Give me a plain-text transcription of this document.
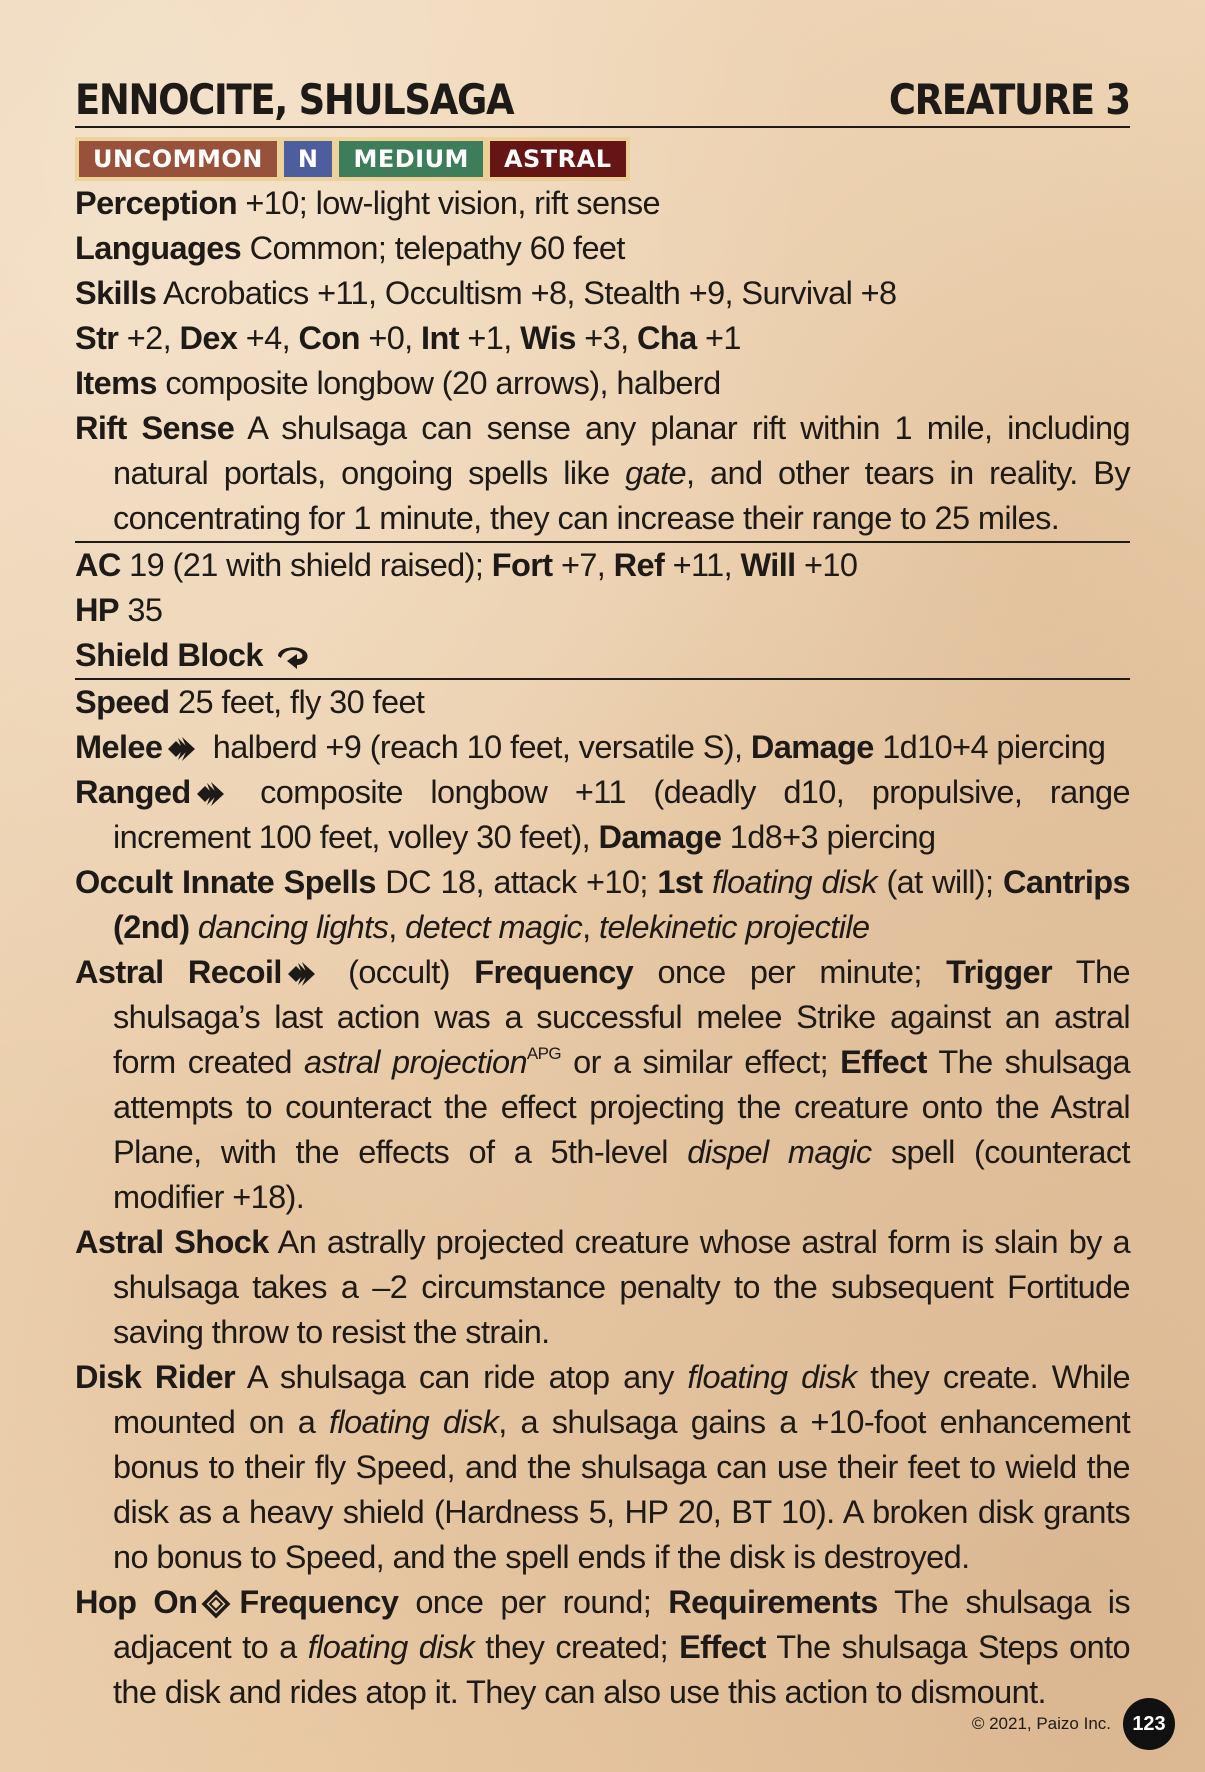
ENNOCITE, SHULSAGA	CREATURE 3
UNCOMMON	N	MEDIUM	ASTRAL
Perception +10; low-light vision, rift sense
Languages Common; telepathy 60 feet
Skills Acrobatics +11, Occultism +8, Stealth +9, Survival +8
Str +2, Dex +4, Con +0, Int +1, Wis +3, Cha +1
Items composite longbow (20 arrows), halberd
Rift Sense A shulsaga can sense any planar rift within 1 mile, including natural portals, ongoing spells like gate, and other tears in reality. By concentrating for 1 minute, they can increase their range to 25 miles.
AC 19 (21 with shield raised); Fort +7, Ref +11, Will +10
HP 35
Shield Block
Speed 25 feet, fly 30 feet
Melee halberd +9 (reach 10 feet, versatile S), Damage 1d10+4 piercing
Ranged composite longbow +11 (deadly d10, propulsive, range increment 100 feet, volley 30 feet), Damage 1d8+3 piercing
Occult Innate Spells DC 18, attack +10; 1st floating disk (at will); Cantrips (2nd) dancing lights, detect magic, telekinetic projectile
Astral Recoil (occult) Frequency once per minute; Trigger The shulsaga’s last action was a successful melee Strike against an astral form created astral projection$^{APG}$ or a similar effect; Effect The shulsaga attempts to counteract the effect projecting the creature onto the Astral Plane, with the effects of a 5th-level dispel magic spell (counteract modifier +18).
Astral Shock An astrally projected creature whose astral form is slain by a shulsaga takes a –2 circumstance penalty to the subsequent Fortitude saving throw to resist the strain.
Disk Rider A shulsaga can ride atop any floating disk they create. While mounted on a floating disk, a shulsaga gains a +10-foot enhancement bonus to their fly Speed, and the shulsaga can use their feet to wield the disk as a heavy shield (Hardness 5, HP 20, BT 10). A broken disk grants no bonus to Speed, and the spell ends if the disk is destroyed.
Hop On Frequency once per round; Requirements The shulsaga is adjacent to a floating disk they created; Effect The shulsaga Steps onto the disk and rides atop it. They can also use this action to dismount.
© 2021, Paizo Inc.	123
